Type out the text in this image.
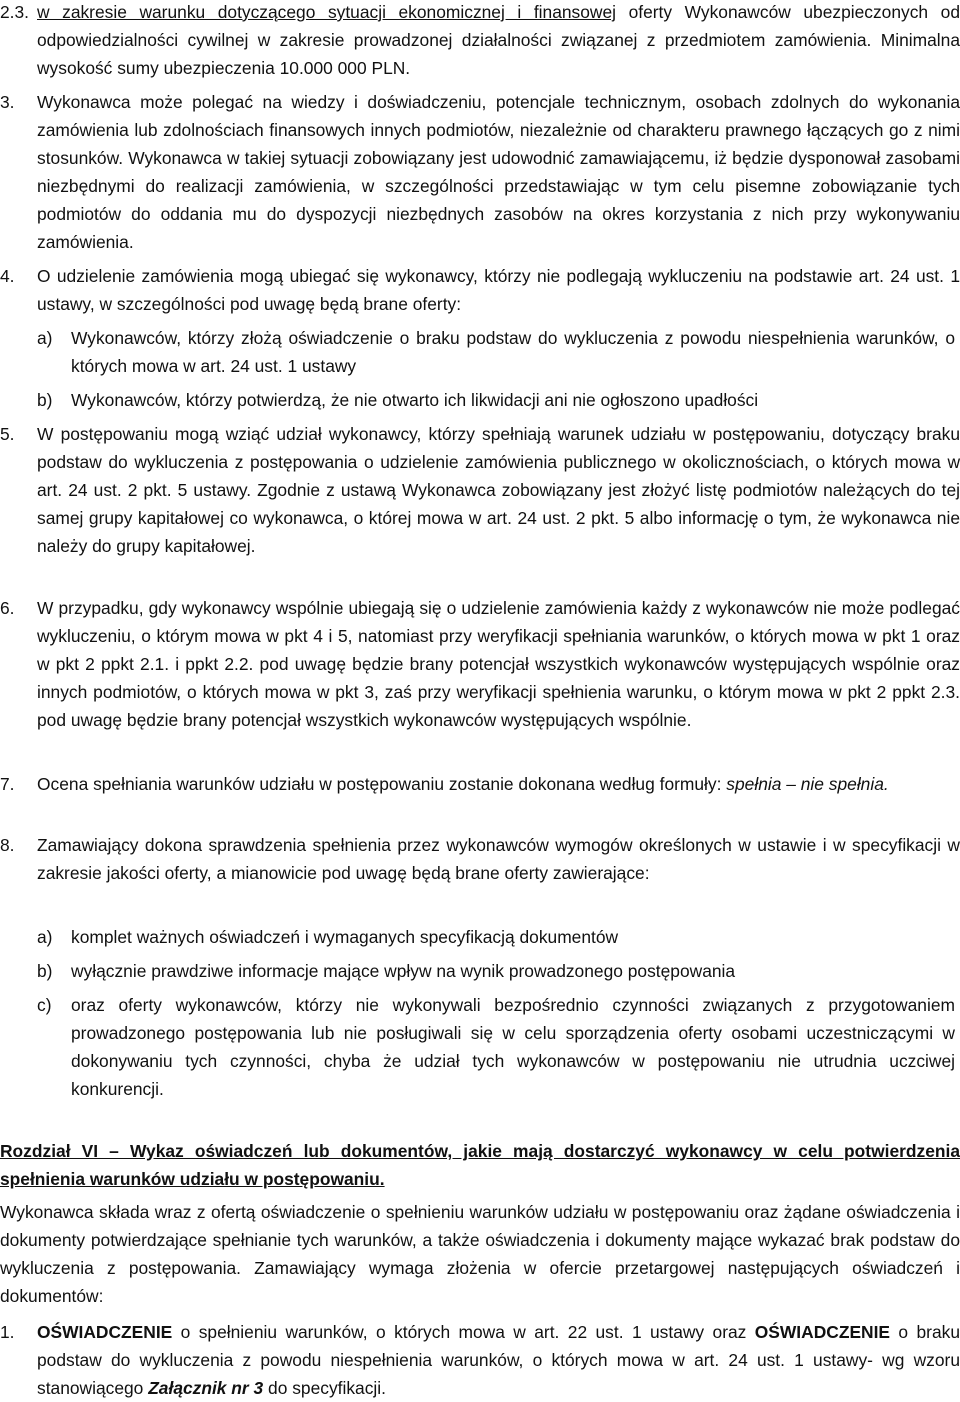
2.3. w zakresie warunku dotyczącego sytuacji ekonomicznej i finansowej oferty Wykonawców ubezpieczonych od odpowiedzialności cywilnej w zakresie prowadzonej działalności związanej z przedmiotem zamówienia. Minimalna wysokość sumy ubezpieczenia 10.000 000 PLN.
3. Wykonawca może polegać na wiedzy i doświadczeniu, potencjale technicznym, osobach zdolnych do wykonania zamówienia lub zdolnościach finansowych innych podmiotów, niezależnie od charakteru prawnego łączących go z nimi stosunków. Wykonawca w takiej sytuacji zobowiązany jest udowodnić zamawiającemu, iż będzie dysponował zasobami niezbędnymi do realizacji zamówienia, w szczególności przedstawiając w tym celu pisemne zobowiązanie tych podmiotów do oddania mu do dyspozycji niezbędnych zasobów na okres korzystania z nich przy wykonywaniu zamówienia.
4. O udzielenie zamówienia mogą ubiegać się wykonawcy, którzy nie podlegają wykluczeniu na podstawie art. 24 ust. 1 ustawy, w szczególności pod uwagę będą brane oferty:
a) Wykonawców, którzy złożą oświadczenie o braku podstaw do wykluczenia z powodu niespełnienia warunków, o których mowa w art. 24 ust. 1 ustawy
b) Wykonawców, którzy potwierdzą, że nie otwarto ich likwidacji ani nie ogłoszono upadłości
5. W postępowaniu mogą wziąć udział wykonawcy, którzy spełniają warunek udziału w postępowaniu, dotyczący braku podstaw do wykluczenia z postępowania o udzielenie zamówienia publicznego w okolicznościach, o których mowa w art. 24 ust. 2 pkt. 5 ustawy. Zgodnie z ustawą Wykonawca zobowiązany jest złożyć listę podmiotów należących do tej samej grupy kapitałowej co wykonawca, o której mowa w art. 24 ust. 2 pkt. 5 albo informację o tym, że wykonawca nie należy do grupy kapitałowej.
6. W przypadku, gdy wykonawcy wspólnie ubiegają się o udzielenie zamówienia każdy z wykonawców nie może podlegać wykluczeniu, o którym mowa w pkt 4 i 5, natomiast przy weryfikacji spełniania warunków, o których mowa w pkt 1 oraz w pkt 2 ppkt 2.1. i ppkt 2.2. pod uwagę będzie brany potencjał wszystkich wykonawców występujących wspólnie oraz innych podmiotów, o których mowa w pkt 3, zaś przy weryfikacji spełnienia warunku, o którym mowa w pkt 2 ppkt 2.3. pod uwagę będzie brany potencjał wszystkich wykonawców występujących wspólnie.
7. Ocena spełniania warunków udziału w postępowaniu zostanie dokonana według formuły: spełnia – nie spełnia.
8. Zamawiający dokona sprawdzenia spełnienia przez wykonawców wymogów określonych w ustawie i w specyfikacji w zakresie jakości oferty, a mianowicie pod uwagę będą brane oferty zawierające:
a) komplet ważnych oświadczeń i wymaganych specyfikacją dokumentów
b) wyłącznie prawdziwe informacje mające wpływ na wynik prowadzonego postępowania
c) oraz oferty wykonawców, którzy nie wykonywali bezpośrednio czynności związanych z przygotowaniem prowadzonego postępowania lub nie posługiwali się w celu sporządzenia oferty osobami uczestniczącymi w dokonywaniu tych czynności, chyba że udział tych wykonawców w postępowaniu nie utrudnia uczciwej konkurencji.
Rozdział VI – Wykaz oświadczeń lub dokumentów, jakie mają dostarczyć wykonawcy w celu potwierdzenia spełnienia warunków udziału w postępowaniu.
Wykonawca składa wraz z ofertą oświadczenie o spełnieniu warunków udziału w postępowaniu oraz żądane oświadczenia i dokumenty potwierdzające spełnianie tych warunków, a także oświadczenia i dokumenty mające wykazać brak podstaw do wykluczenia z postępowania. Zamawiający wymaga złożenia w ofercie przetargowej następujących oświadczeń i dokumentów:
1. OŚWIADCZENIE o spełnieniu warunków, o których mowa w art. 22 ust. 1 ustawy oraz OŚWIADCZENIE o braku podstaw do wykluczenia z powodu niespełnienia warunków, o których mowa w art. 24 ust. 1 ustawy- wg wzoru stanowiącego Załącznik nr 3 do specyfikacji.
